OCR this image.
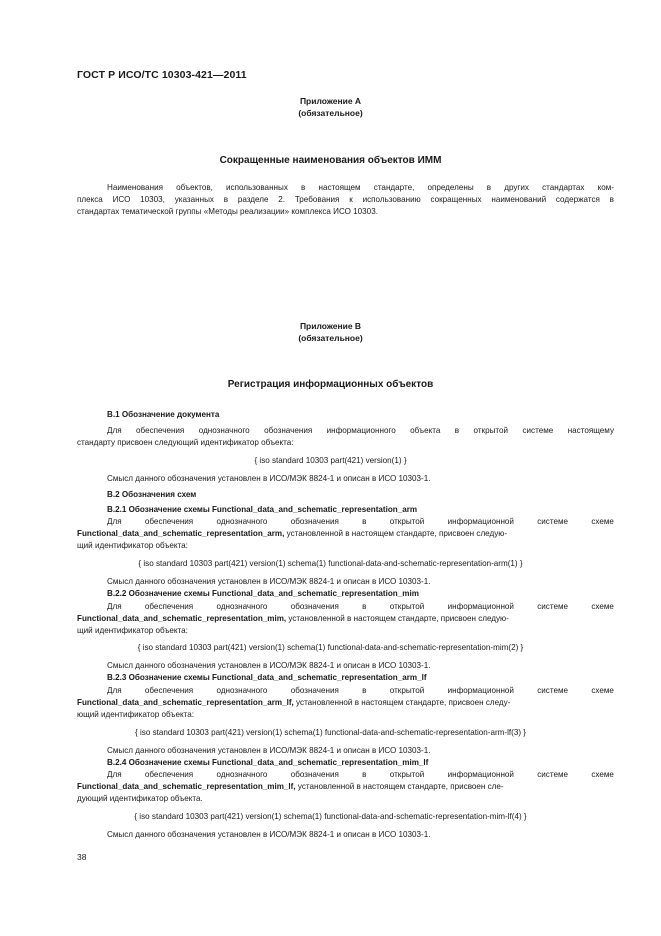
ГОСТ Р ИСО/ТС 10303-421—2011
Приложение А
(обязательное)
Сокращенные наименования объектов ИММ
Наименования объектов, использованных в настоящем стандарте, определены в других стандартах ком-
плекса ИСО 10303, указанных в разделе 2. Требования к использованию сокращенных наименований содержатся в
стандартах тематической группы «Методы реализации» комплекса ИСО 10303.
Приложение В
(обязательное)
Регистрация информационных объектов
В.1 Обозначение документа
Для обеспечения однозначного обозначения информационного объекта в открытой системе настоящему
стандарту присвоен следующий идентификатор объекта:
{ iso standard 10303 part(421) version(1) }
Смысл данного обозначения установлен в ИСО/МЭК 8824-1 и описан в ИСО 10303-1.
В.2 Обозначения схем
В.2.1 Обозначение схемы Functional_data_and_schematic_representation_arm
Для	обеспечения	однозначного	обозначения	в	открытой	информационной	системе	схеме
Functional_data_and_schematic_representation_arm, установленной в настоящем стандарте, присвоен следую-
щий идентификатор объекта:
{ iso standard 10303 part(421) version(1) schema(1) functional-data-and-schematic-representation-arm(1) }
Смысл данного обозначения установлен в ИСО/МЭК 8824-1 и описан в ИСО 10303-1.
В.2.2 Обозначение схемы Functional_data_and_schematic_representation_mim
Для	обеспечения	однозначного	обозначения	в	открытой	информационной	системе	схеме
Functional_data_and_schematic_representation_mim, установленной в настоящем стандарте, присвоен следую-
щий идентификатор объекта:
{ iso standard 10303 part(421) version(1) schema(1) functional-data-and-schematic-representation-mim(2) }
Смысл данного обозначения установлен в ИСО/МЭК 8824-1 и описан в ИСО 10303-1.
В.2.3 Обозначение схемы Functional_data_and_schematic_representation_arm_lf
Для	обеспечения	однозначного	обозначения	в	открытой	информационной	системе	схеме
Functional_data_and_schematic_representation_arm_lf, установленной в настоящем стандарте, присвоен следу-
ющий идентификатор объекта:
{ iso standard 10303 part(421) version(1) schema(1) functional-data-and-schematic-representation-arm-lf(3) }
Смысл данного обозначения установлен в ИСО/МЭК 8824-1 и описан в ИСО 10303-1.
В.2.4 Обозначение схемы Functional_data_and_schematic_representation_mim_lf
Для	обеспечения	однозначного	обозначения	в	открытой	информационной	системе	схеме
Functional_data_and_schematic_representation_mim_lf, установленной в настоящем стандарте, присвоен сле-
дующий идентификатор объекта.
{ iso standard 10303 part(421) version(1) schema(1) functional-data-and-schematic-representation-mim-lf(4) }
Смысл данного обозначения установлен в ИСО/МЭК 8824-1 и описан в ИСО 10303-1.
38
